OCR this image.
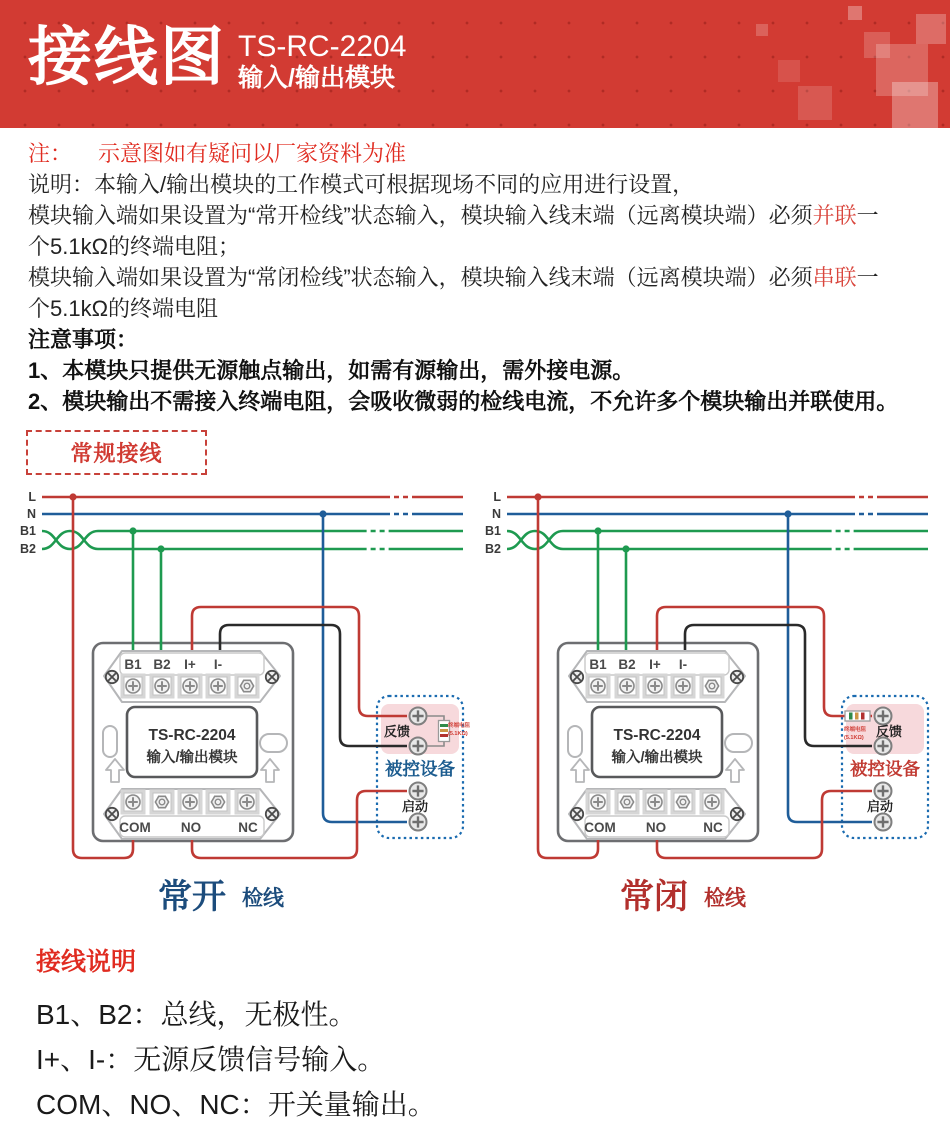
接线图 TS-RC-2204
输入/输出模块
注： 示意图如有疑问以厂家资料为准
说明：本输入/输出模块的工作模式可根据现场不同的应用进行设置，
模块输入端如果设置为“常开检线”状态输入，模块输入线末端（远离模块端）必须并联一
个5.1kΩ的终端电阻；
模块输入端如果设置为“常闭检线”状态输入，模块输入线末端（远离模块端）必须串联一
个5.1kΩ的终端电阻
注意事项：
1、本模块只提供无源触点输出，如需有源输出，需外接电源。
2、模块输出不需接入终端电阻，会吸收微弱的检线电流，不允许多个模块输出并联使用。
常规接线
终端电阻
(5.1KΩ)
反馈
被控设备
启动
常开 检线
终端电阻
(5.1KΩ) 反馈
被控设备
启动
常闭 检线
接线说明
B1、B2：总线，无极性。
I+、I-：无源反馈信号输入。
COM、NO、NC：开关量输出。
